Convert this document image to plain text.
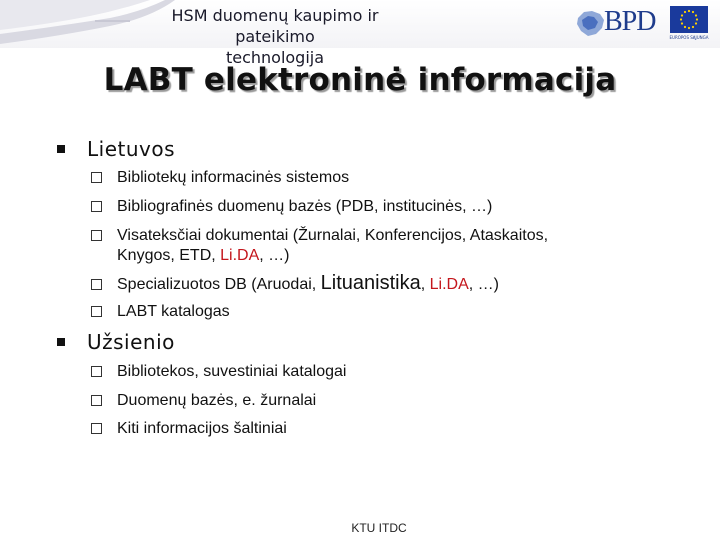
HSM duomenų kaupimo ir pateikimo
technologija
BPD
EUROPOS SĄJUNGA
LABT elektroninė informacija
Lietuvos
Bibliotekų informacinės sistemos
Bibliografinės duomenų bazės (PDB, institucinės, …)
Visateksčiai dokumentai (Žurnalai, Konferencijos, Ataskaitos,
Knygos, ETD, Li.DA, …)
Specializuotos DB (Aruodai, Lituanistika, Li.DA, …)
LABT katalogas
Užsienio
Bibliotekos, suvestiniai katalogai
Duomenų bazės, e. žurnalai
Kiti informacijos šaltiniai
KTU ITDC
